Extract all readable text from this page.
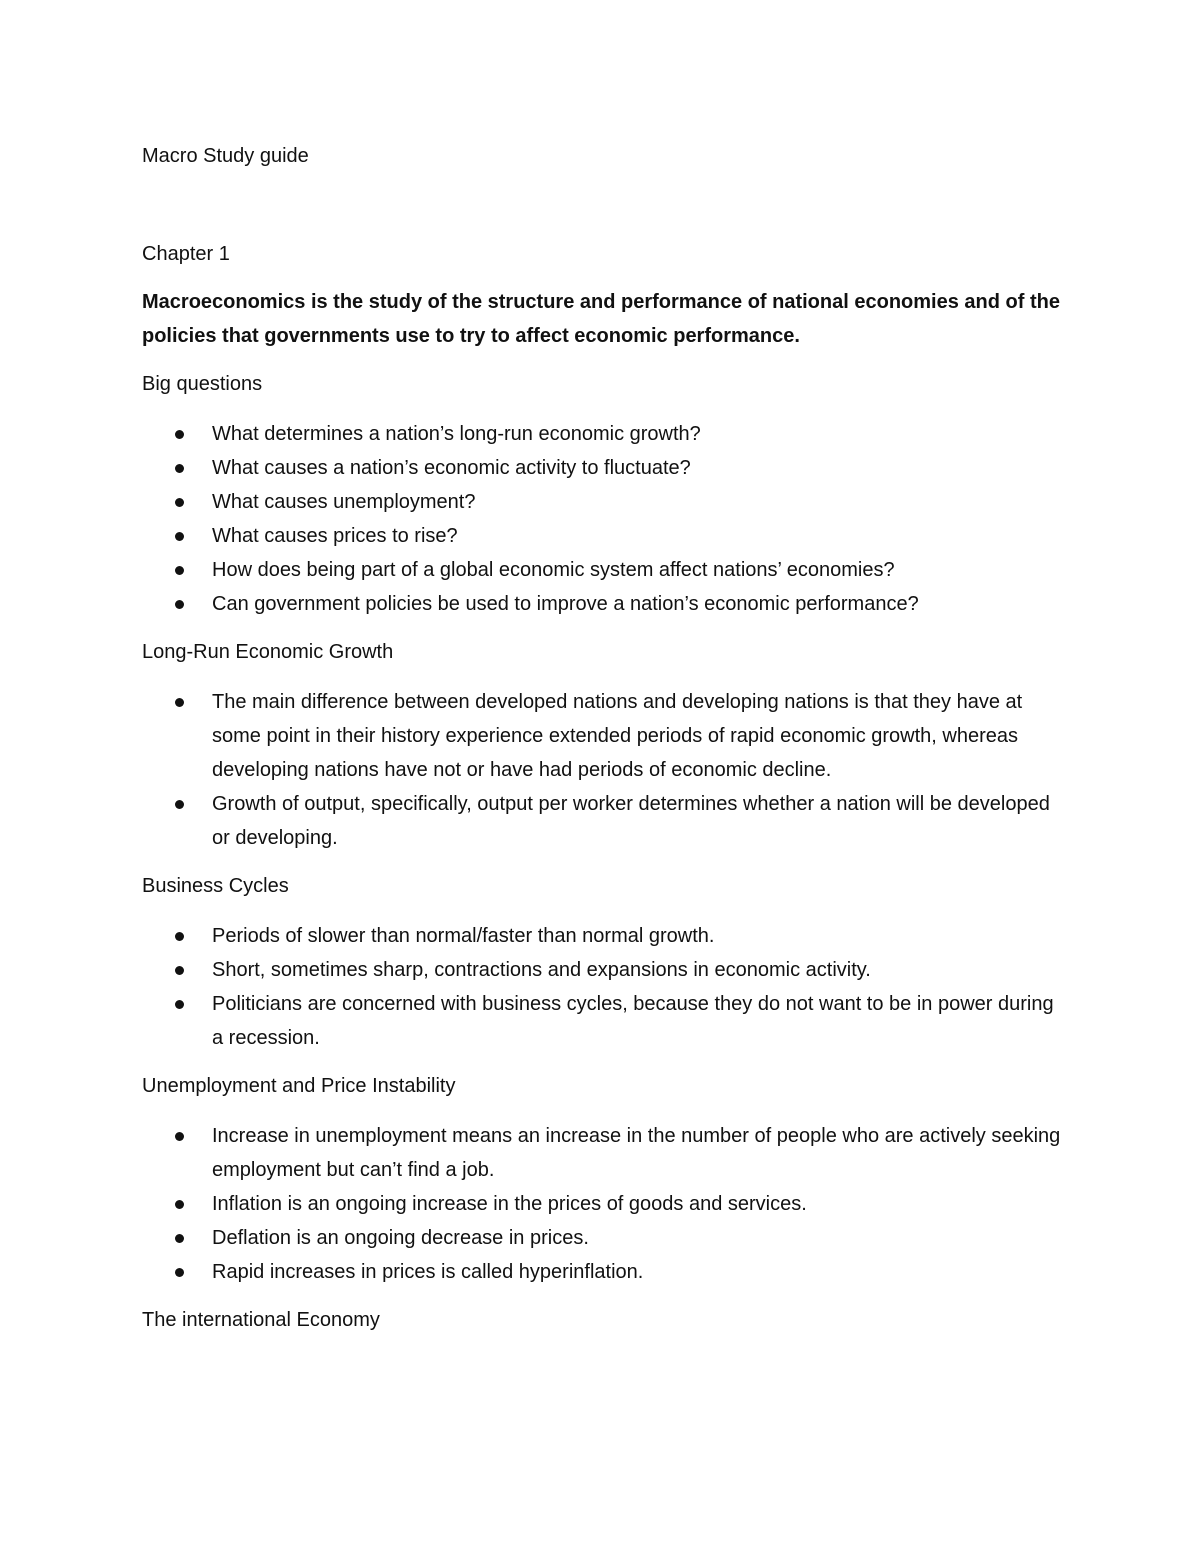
Macro Study guide

Chapter 1

Macroeconomics is the study of the structure and performance of national economies and of the policies that governments use to try to affect economic performance.

Big questions

What determines a nation’s long-run economic growth?
What causes a nation’s economic activity to fluctuate?
What causes unemployment?
What causes prices to rise?
How does being part of a global economic system affect nations’ economies?
Can government policies be used to improve a nation’s economic performance?

Long-Run Economic Growth

The main difference between developed nations and developing nations is that they have at some point in their history experience extended periods of rapid economic growth, whereas developing nations have not or have had periods of economic decline.
Growth of output, specifically, output per worker determines whether a nation will be developed or developing.

Business Cycles

Periods of slower than normal/faster than normal growth.
Short, sometimes sharp, contractions and expansions in economic activity.
Politicians are concerned with business cycles, because they do not want to be in power during a recession.

Unemployment and Price Instability

Increase in unemployment means an increase in the number of people who are actively seeking employment but can’t find a job.
Inflation is an ongoing increase in the prices of goods and services.
Deflation is an ongoing decrease in prices.
Rapid increases in prices is called hyperinflation.

The international Economy
